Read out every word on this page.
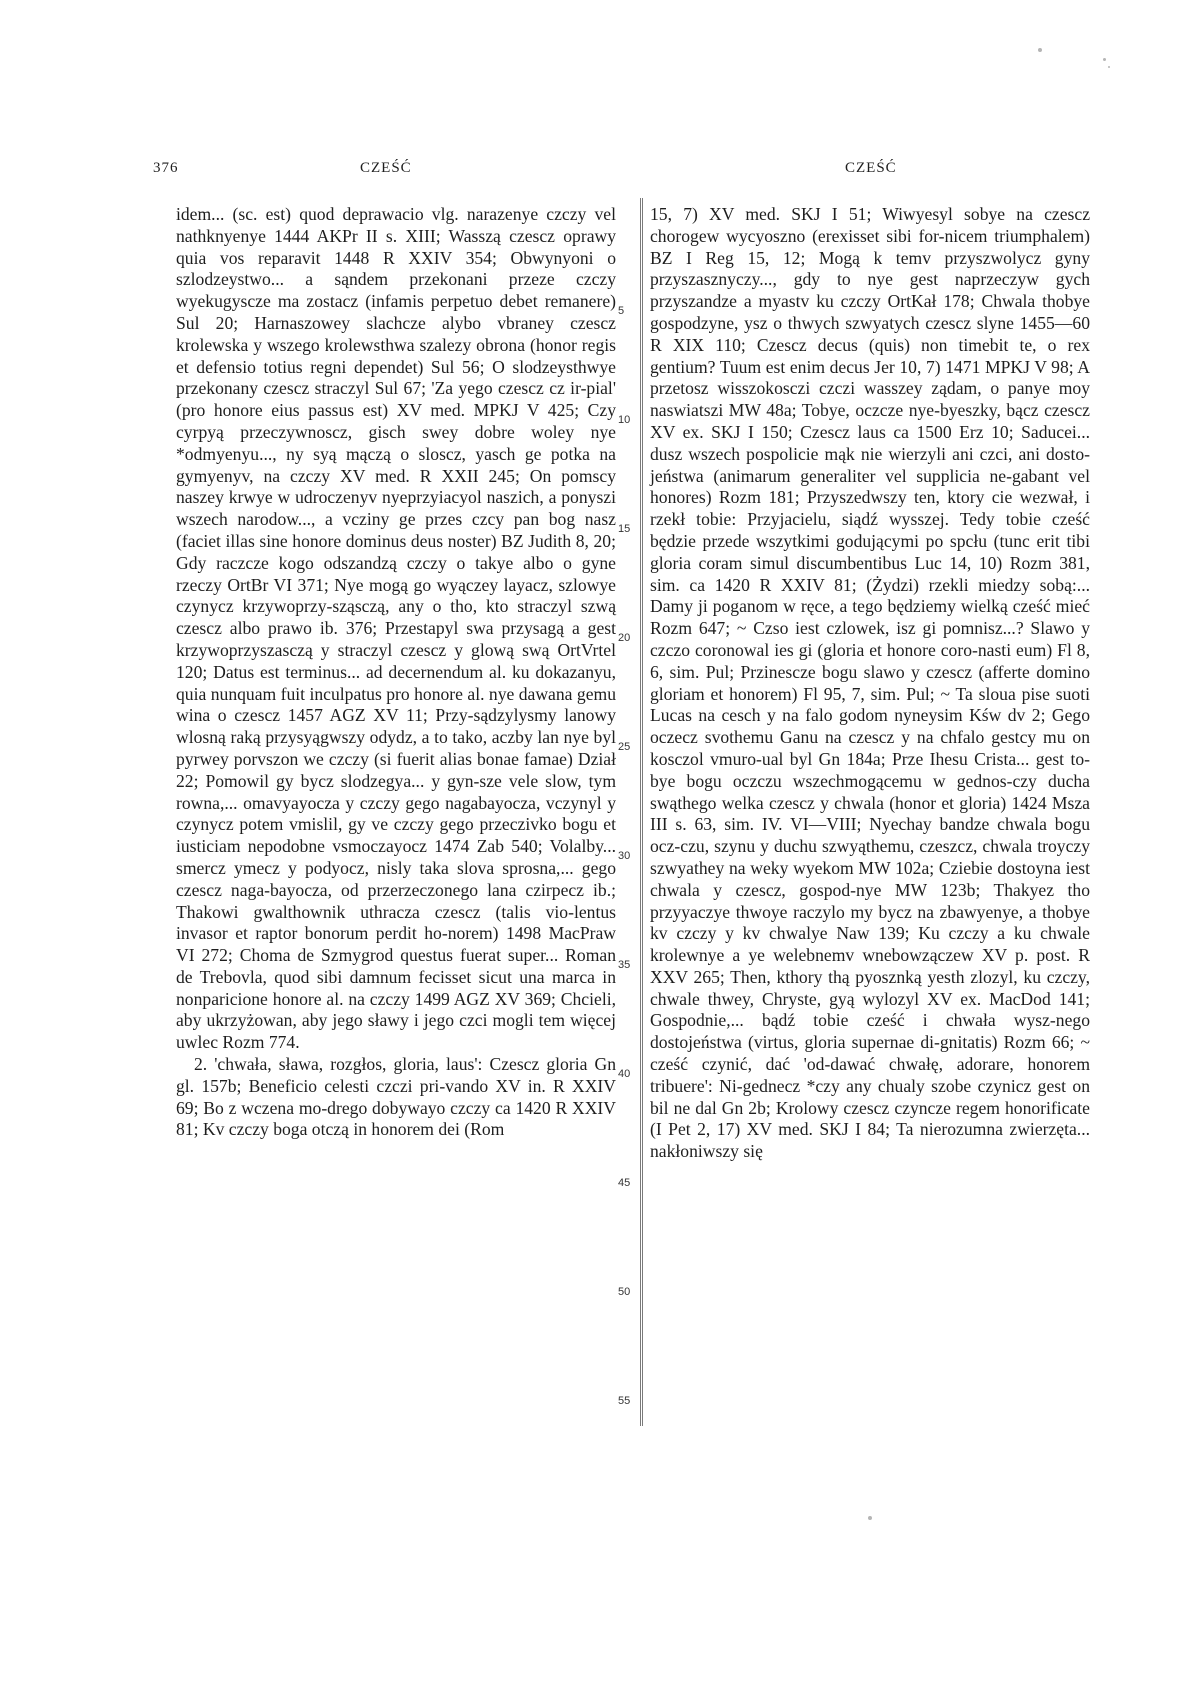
376	CZEŚĆ	CZEŚĆ

idem... (sc. est) quod deprawacio vlg. narazenye czczy vel nathknyenye 1444 AKPr II s. XIII; Wasszą czescz oprawy quia vos reparavit 1448 R XXIV 354; Obwynyoni o szlodzeystwo... a sąndem przekonani przeze czczy wyekugyscze ma zostacz (infamis perpetuo debet remanere) Sul 20; Harnaszowey slachcze alybo vbraney czescz krolewska y wszego krolewsthwa szalezy obrona (honor regis et defensio totius regni dependet) Sul 56; O slodzeysthwye przekonany czescz straczyl Sul 67; 'Za yego czescz cz ir-pial' (pro honore eius passus est) XV med. MPKJ V 425; Czy cyrpyą przeczywnoscz, gisch swey dobre woley nye *odmyenyu..., ny syą mączą o sloscz, yasch ge potka na gymyenyv, na czczy XV med. R XXII 245; On pomscy naszey krwye w udroczenyv nyeprzyiacyol naszich, a ponyszi wszech narodow..., a vcziny ge przes czcy pan bog nasz (faciet illas sine honore dominus deus noster) BZ Judith 8, 20; Gdy raczcze kogo odszandzą czczy o takye albo o gyne rzeczy OrtBr VI 371; Nye mogą go wyączey layacz, szlowye czynycz krzywoprzy-sząsczą, any o tho, kto straczyl szwą czescz albo prawo ib. 376; Przestapyl swa przysagą a gest krzywoprzyszasczą y straczyl czescz y glową swą OrtVrtel 120; Datus est terminus... ad decernendum al. ku dokazanyu, quia nunquam fuit inculpatus pro honore al. nye dawana gemu wina o czescz 1457 AGZ XV 11; Przy-sądzylysmy lanowy wlosną raką przysyągwszy odydz, a to tako, aczby lan nye byl pyrwey porvszon we czczy (si fuerit alias bonae famae) Dział 22; Pomowil gy bycz slodzegya... y gyn-sze vele slow, tym rowna,... omavyayocza y czczy gego nagabayocza, vczynyl y czynycz potem vmislil, gy ve czczy gego przeczivko bogu et iusticiam nepodobne vsmoczayocz 1474 Zab 540; Volalby... smercz ymecz y podyocz, nisly taka slova sprosna,... gego czescz naga-bayocza, od przerzeczonego lana czirpecz ib.; Thakowi gwalthownik uthracza czescz (talis vio-lentus invasor et raptor bonorum perdit ho-norem) 1498 MacPraw VI 272; Choma de Szmygrod questus fuerat super... Roman de Trebovla, quod sibi damnum fecisset sicut una marca in nonparicione honore al. na czczy 1499 AGZ XV 369; Chcieli, aby ukrzyżowan, aby jego sławy i jego czci mogli tem więcej uwlec Rozm 774.

2. 'chwała, sława, rozgłos, gloria, laus': Czescz gloria Gn gl. 157b; Beneficio celesti czczi pri-vando XV in. R XXIV 69; Bo z wczena mo-drego dobywayo czczy ca 1420 R XXIV 81; Kv czczy boga otczą in honorem dei (Rom

5
10
15
20
25
30
35
40
45
50
55

15, 7) XV med. SKJ I 51; Wiwyesyl sobye na czescz chorogew wycyoszno (erexisset sibi for-nicem triumphalem) BZ I Reg 15, 12; Mogą k temv przyszwolycz gyny przyszasznyczy..., gdy to nye gest naprzeczyw gych przyszandze a myastv ku czczy OrtKał 178; Chwala thobye gospodzyne, ysz o thwych szwyatych czescz slyne 1455—60 R XIX 110; Czescz decus (quis) non timebit te, o rex gentium? Tuum est enim decus Jer 10, 7) 1471 MPKJ V 98; A przetosz wisszokosczi czczi wasszey ządam, o panye moy naswiatszi MW 48a; Tobye, oczcze nye-byeszky, bącz czescz XV ex. SKJ I 150; Czescz laus ca 1500 Erz 10; Saducei... dusz wszech pospolicie mąk nie wierzyli ani czci, ani dosto-jeństwa (animarum generaliter vel supplicia ne-gabant vel honores) Rozm 181; Przyszedwszy ten, ktory cie wezwał, i rzekł tobie: Przyjacielu, siądź wysszej. Tedy tobie cześć będzie przede wszytkimi godującymi po spcłu (tunc erit tibi gloria coram simul discumbentibus Luc 14, 10) Rozm 381, sim. ca 1420 R XXIV 81; (Żydzi) rzekli miedzy sobą:... Damy ji poganom w ręce, a tego będziemy wielką cześć mieć Rozm 647; ~ Czso iest czlowek, isz gi pomnisz...? Slawo y czczo coronowal ies gi (gloria et honore coro-nasti eum) Fl 8, 6, sim. Pul; Przinescze bogu slawo y czescz (afferte domino gloriam et honorem) Fl 95, 7, sim. Pul; ~ Ta sloua pise suoti Lucas na cesch y na falo godom nyneysim Kśw dv 2; Gego oczecz svothemu Ganu na czescz y na chfalo gestcy mu on kosczol vmuro-ual byl Gn 184a; Prze Ihesu Crista... gest to-bye bogu oczczu wszechmogącemu w gednos-czy ducha swąthego welka czescz y chwala (honor et gloria) 1424 Msza III s. 63, sim. IV. VI—VIII; Nyechay bandze chwala bogu ocz-czu, szynu y duchu szwyąthemu, czeszcz, chwala troyczy szwyathey na weky wyekom MW 102a; Cziebie dostoyna iest chwala y czescz, gospod-nye MW 123b; Thakyez tho przyyaczye thwoye raczylo my bycz na zbawyenye, a thobye kv czczy y kv chwalye Naw 139; Ku czczy a ku chwale krolewnye a ye welebnemv wnebowzączew XV p. post. R XXV 265; Then, kthory thą pyosznką yesth zlozyl, ku czczy, chwale thwey, Chryste, gyą wylozyl XV ex. MacDod 141; Gospodnie,... bądź tobie cześć i chwała wysz-nego dostojeństwa (virtus, gloria supernae di-gnitatis) Rozm 66; ~ cześć czynić, dać 'od-dawać chwałę, adorare, honorem tribuere': Ni-gednecz *czy any chualy szobe czynicz gest on bil ne dal Gn 2b; Krolowy czescz czyncze regem honorificate (I Pet 2, 17) XV med. SKJ I 84; Ta nierozumna zwierzęta... nakłoniwszy się
